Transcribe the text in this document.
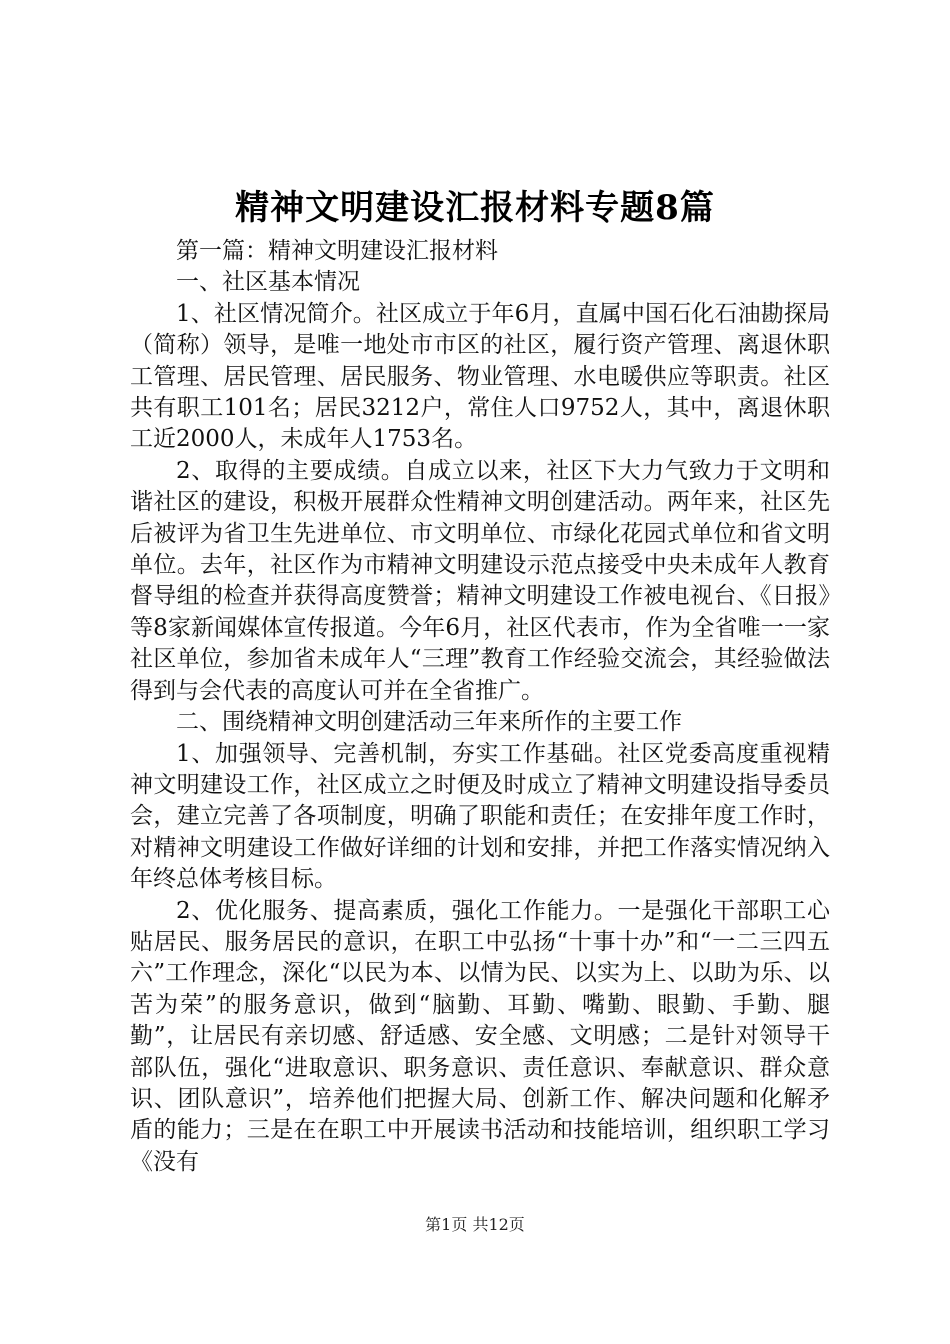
精神文明建设汇报材料专题8篇

第一篇：精神文明建设汇报材料

一、社区基本情况

1、社区情况简介。社区成立于年6月，直属中国石化石油勘探局（简称）领导，是唯一地处市市区的社区，履行资产管理、离退休职工管理、居民管理、居民服务、物业管理、水电暖供应等职责。社区共有职工101名；居民3212户，常住人口9752人，其中，离退休职工近2000人，未成年人1753名。

2、取得的主要成绩。自成立以来，社区下大力气致力于文明和谐社区的建设，积极开展群众性精神文明创建活动。两年来，社区先后被评为省卫生先进单位、市文明单位、市绿化花园式单位和省文明单位。去年，社区作为市精神文明建设示范点接受中央未成年人教育督导组的检查并获得高度赞誉；精神文明建设工作被电视台、《日报》等8家新闻媒体宣传报道。今年6月，社区代表市，作为全省唯一一家社区单位，参加省未成年人“三理”教育工作经验交流会，其经验做法得到与会代表的高度认可并在全省推广。

二、围绕精神文明创建活动三年来所作的主要工作

1、加强领导、完善机制，夯实工作基础。社区党委高度重视精神文明建设工作，社区成立之时便及时成立了精神文明建设指导委员会，建立完善了各项制度，明确了职能和责任；在安排年度工作时，对精神文明建设工作做好详细的计划和安排，并把工作落实情况纳入年终总体考核目标。

2、优化服务、提高素质，强化工作能力。一是强化干部职工心贴居民、服务居民的意识，在职工中弘扬“十事十办”和“一二三四五六”工作理念，深化“以民为本、以情为民、以实为上、以助为乐、以苦为荣”的服务意识，做到“脑勤、耳勤、嘴勤、眼勤、手勤、腿勤”，让居民有亲切感、舒适感、安全感、文明感；二是针对领导干部队伍，强化“进取意识、职务意识、责任意识、奉献意识、群众意识、团队意识”，培养他们把握大局、创新工作、解决问题和化解矛盾的能力；三是在在职工中开展读书活动和技能培训，组织职工学习《没有

第1页 共12页
